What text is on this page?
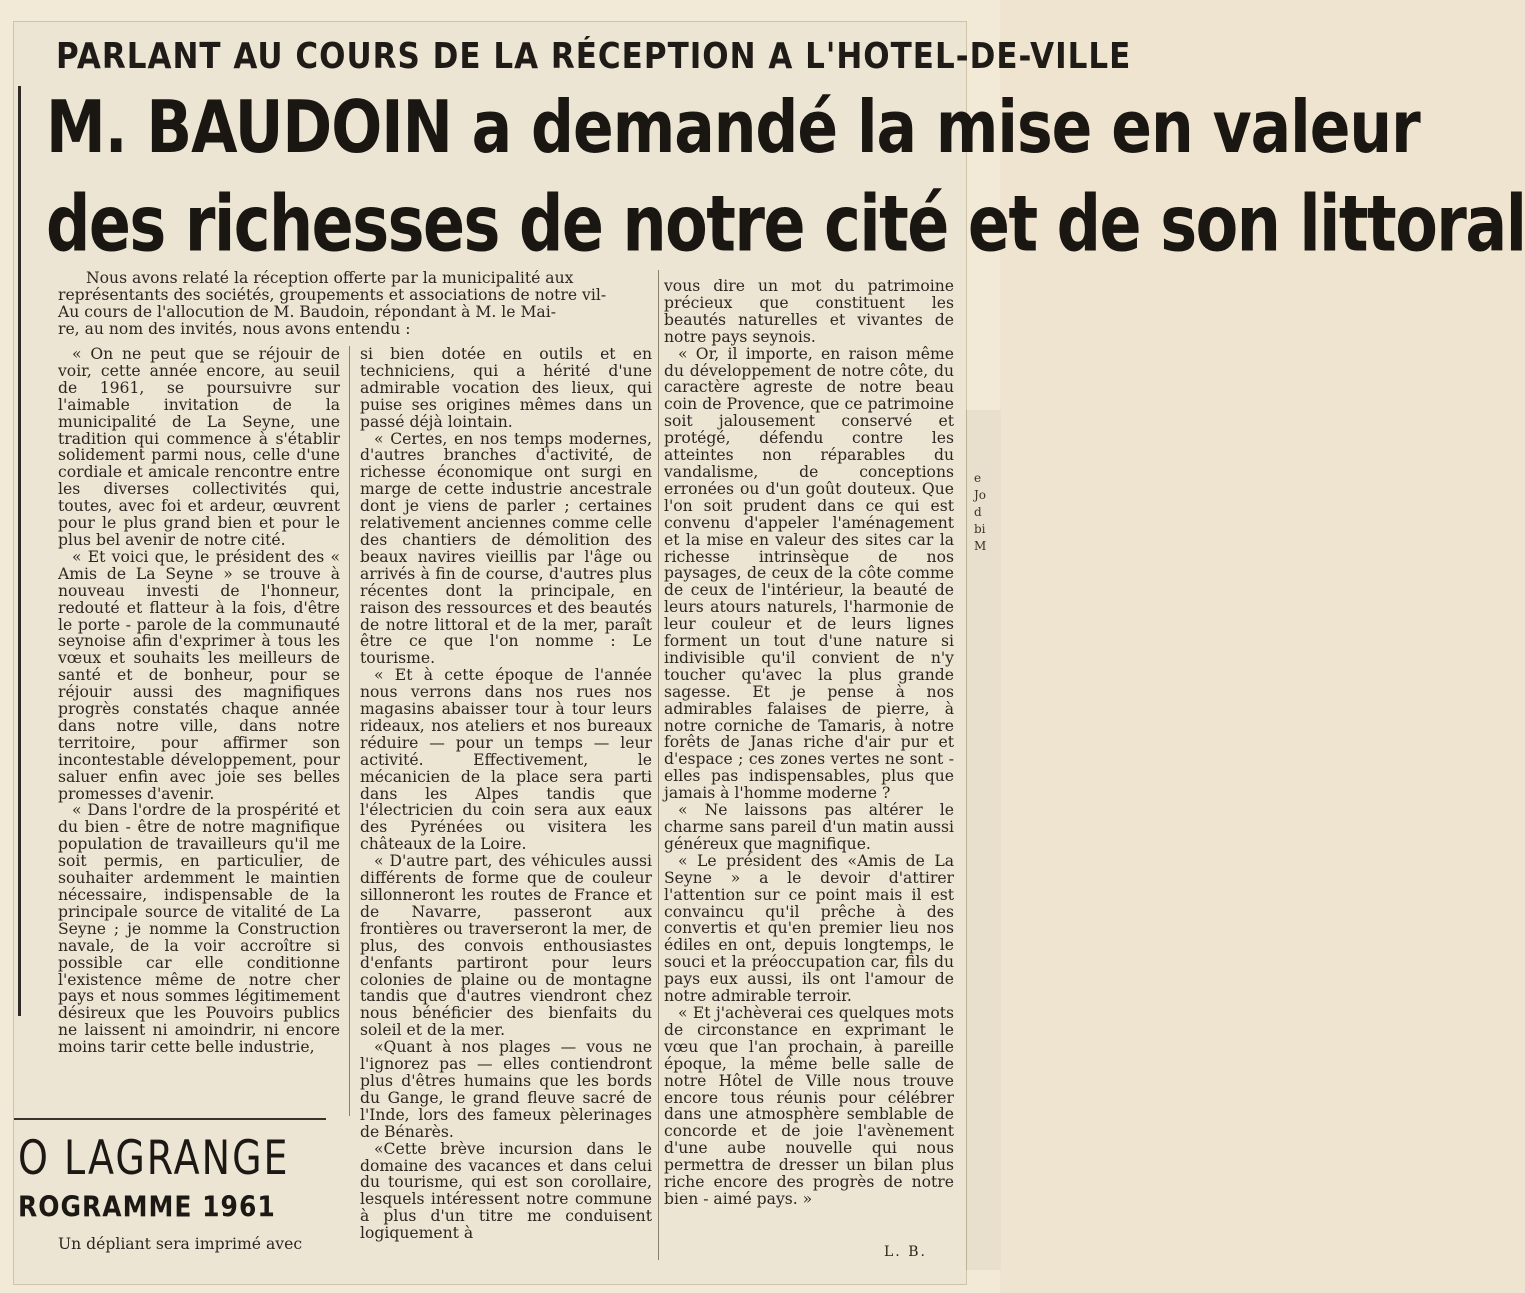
e
Jo
d
bi
M
PARLANT AU COURS DE LA RÉCEPTION A L'HOTEL-DE-VILLE
M. BAUDOIN a demandé la mise en valeur
des richesses de notre cité et de son littoral
Nous avons relaté la réception offerte par la municipalité aux
représentants des sociétés, groupements et associations de notre vil-
Au cours de l'allocution de M. Baudoin, répondant à M. le Mai-
re, au nom des invités, nous avons entendu :

« On ne peut que se réjouir de voir, cette année encore, au seuil de 1961, se poursuivre sur l'aimable invitation de la municipalité de La Seyne, une tradition qui commence à s'établir solidement parmi nous, celle d'une cordiale et amicale rencontre entre les diverses collectivités qui, toutes, avec foi et ardeur, œuvrent pour le plus grand bien et pour le plus bel avenir de notre cité.

« Et voici que, le président des « Amis de La Seyne » se trouve à nouveau investi de l'honneur, redouté et flatteur à la fois, d'être le porte - parole de la communauté seynoise afin d'exprimer à tous les vœux et souhaits les meilleurs de santé et de bonheur, pour se réjouir aussi des magnifiques progrès constatés chaque année dans notre ville, dans notre territoire, pour affirmer son incontestable développement, pour saluer enfin avec joie ses belles promesses d'avenir.

« Dans l'ordre de la prospérité et du bien - être de notre magnifique population de travailleurs qu'il me soit permis, en particulier, de souhaiter ardemment le maintien nécessaire, indispensable de la principale source de vitalité de La Seyne ; je nomme la Construction navale, de la voir accroître si possible car elle conditionne l'existence même de notre cher pays et nous sommes légitimement désireux que les Pouvoirs publics ne laissent ni amoindrir, ni encore moins tarir cette belle industrie,

si bien dotée en outils et en techniciens, qui a hérité d'une admirable vocation des lieux, qui puise ses origines mêmes dans un passé déjà lointain.

« Certes, en nos temps modernes, d'autres branches d'activité, de richesse économique ont surgi en marge de cette industrie ancestrale dont je viens de parler ; certaines relativement anciennes comme celle des chantiers de démolition des beaux navires vieillis par l'âge ou arrivés à fin de course, d'autres plus récentes dont la principale, en raison des ressources et des beautés de notre littoral et de la mer, paraît être ce que l'on nomme : Le tourisme.

« Et à cette époque de l'année nous verrons dans nos rues nos magasins abaisser tour à tour leurs rideaux, nos ateliers et nos bureaux réduire — pour un temps — leur activité. Effectivement, le mécanicien de la place sera parti dans les Alpes tandis que l'électricien du coin sera aux eaux des Pyrénées ou visitera les châteaux de la Loire.

« D'autre part, des véhicules aussi différents de forme que de couleur sillonneront les routes de France et de Navarre, passeront aux frontières ou traverseront la mer, de plus, des convois enthousiastes d'enfants partiront pour leurs colonies de plaine ou de montagne tandis que d'autres viendront chez nous bénéficier des bienfaits du soleil et de la mer.

«Quant à nos plages — vous ne l'ignorez pas — elles contiendront plus d'êtres humains que les bords du Gange, le grand fleuve sacré de l'Inde, lors des fameux pèlerinages de Bénarès.

«Cette brève incursion dans le domaine des vacances et dans celui du tourisme, qui est son corollaire, lesquels intéressent notre commune à plus d'un titre me conduisent logiquement à

vous dire un mot du patrimoine précieux que constituent les beautés naturelles et vivantes de notre pays seynois.

« Or, il importe, en raison même du développement de notre côte, du caractère agreste de notre beau coin de Provence, que ce patrimoine soit jalousement conservé et protégé, défendu contre les atteintes non réparables du vandalisme, de conceptions erronées ou d'un goût douteux. Que l'on soit prudent dans ce qui est convenu d'appeler l'aménagement et la mise en valeur des sites car la richesse intrinsèque de nos paysages, de ceux de la côte comme de ceux de l'intérieur, la beauté de leurs atours naturels, l'harmonie de leur couleur et de leurs lignes forment un tout d'une nature si indivisible qu'il convient de n'y toucher qu'avec la plus grande sagesse. Et je pense à nos admirables falaises de pierre, à notre corniche de Tamaris, à notre forêts de Janas riche d'air pur et d'espace ; ces zones vertes ne sont - elles pas indispensables, plus que jamais à l'homme moderne ?

« Ne laissons pas altérer le charme sans pareil d'un matin aussi généreux que magnifique.

« Le président des «Amis de La Seyne » a le devoir d'attirer l'attention sur ce point mais il est convaincu qu'il prêche à des convertis et qu'en premier lieu nos édiles en ont, depuis longtemps, le souci et la préoccupation car, fils du pays eux aussi, ils ont l'amour de notre admirable terroir.

« Et j'achèverai ces quelques mots de circonstance en exprimant le vœu que l'an prochain, à pareille époque, la même belle salle de notre Hôtel de Ville nous trouve encore tous réunis pour célébrer dans une atmosphère semblable de concorde et de joie l'avènement d'une aube nouvelle qui nous permettra de dresser un bilan plus riche encore des progrès de notre bien - aimé pays. »

L. B.
O LAGRANGE
ROGRAMME 1961
Un dépliant sera imprimé avec
